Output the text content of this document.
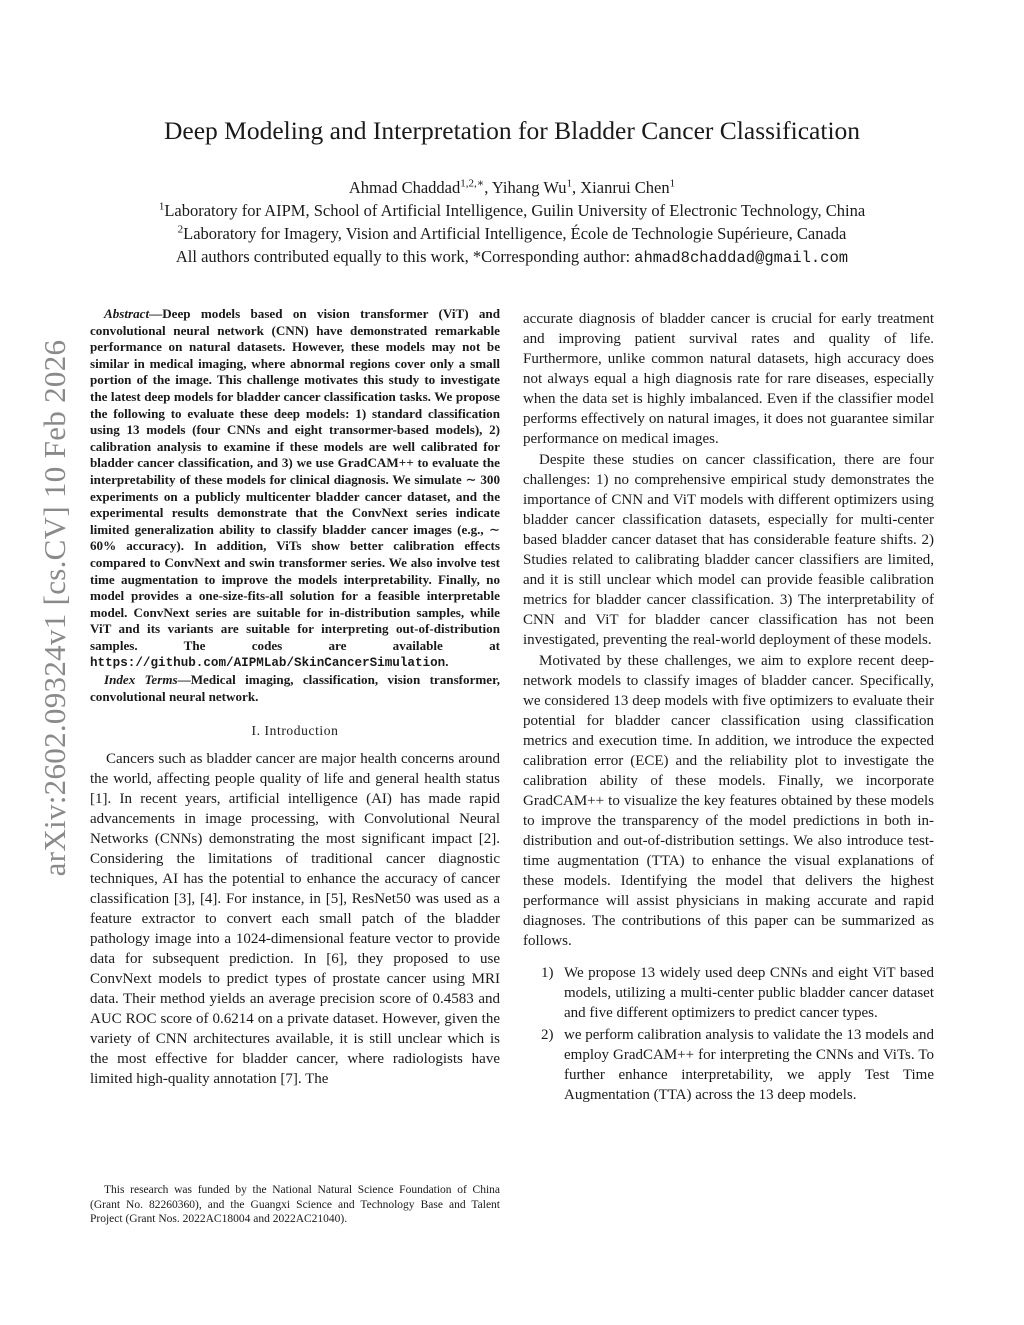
arXiv:2602.09324v1 [cs.CV] 10 Feb 2026
Deep Modeling and Interpretation for Bladder Cancer Classification
Ahmad Chaddad$^{1,2,∗}$, Yihang Wu$^1$, Xianrui Chen$^1$
$^1$Laboratory for AIPM, School of Artificial Intelligence, Guilin University of Electronic Technology, China
$^2$Laboratory for Imagery, Vision and Artificial Intelligence, École de Technologie Supérieure, Canada
All authors contributed equally to this work, *Corresponding author: ahmad8chaddad@gmail.com

Abstract—Deep models based on vision transformer (ViT) and convolutional neural network (CNN) have demonstrated remarkable performance on natural datasets. However, these models may not be similar in medical imaging, where abnormal regions cover only a small portion of the image. This challenge motivates this study to investigate the latest deep models for bladder cancer classification tasks. We propose the following to evaluate these deep models: 1) standard classification using 13 models (four CNNs and eight transormer-based models), 2) calibration analysis to examine if these models are well calibrated for bladder cancer classification, and 3) we use GradCAM++ to evaluate the interpretability of these models for clinical diagnosis. We simulate ∼ 300 experiments on a publicly multicenter bladder cancer dataset, and the experimental results demonstrate that the ConvNext series indicate limited generalization ability to classify bladder cancer images (e.g., ∼ 60% accuracy). In addition, ViTs show better calibration effects compared to ConvNext and swin transformer series. We also involve test time augmentation to improve the models interpretability. Finally, no model provides a one-size-fits-all solution for a feasible interpretable model. ConvNext series are suitable for in-distribution samples, while ViT and its variants are suitable for interpreting out-of-distribution samples. The codes are available at https://github.com/AIPMLab/SkinCancerSimulation.

Index Terms—Medical imaging, classification, vision transformer, convolutional neural network.

I. Introduction

Cancers such as bladder cancer are major health concerns around the world, affecting people quality of life and general health status [1]. In recent years, artificial intelligence (AI) has made rapid advancements in image processing, with Convolutional Neural Networks (CNNs) demonstrating the most significant impact [2]. Considering the limitations of traditional cancer diagnostic techniques, AI has the potential to enhance the accuracy of cancer classification [3], [4]. For instance, in [5], ResNet50 was used as a feature extractor to convert each small patch of the bladder pathology image into a 1024-dimensional feature vector to provide data for subsequent prediction. In [6], they proposed to use ConvNext models to predict types of prostate cancer using MRI data. Their method yields an average precision score of 0.4583 and AUC ROC score of 0.6214 on a private dataset. However, given the variety of CNN architectures available, it is still unclear which is the most effective for bladder cancer, where radiologists have limited high-quality annotation [7]. The

This research was funded by the National Natural Science Foundation of China (Grant No. 82260360), and the Guangxi Science and Technology Base and Talent Project (Grant Nos. 2022AC18004 and 2022AC21040).

accurate diagnosis of bladder cancer is crucial for early treatment and improving patient survival rates and quality of life. Furthermore, unlike common natural datasets, high accuracy does not always equal a high diagnosis rate for rare diseases, especially when the data set is highly imbalanced. Even if the classifier model performs effectively on natural images, it does not guarantee similar performance on medical images.

Despite these studies on cancer classification, there are four challenges: 1) no comprehensive empirical study demonstrates the importance of CNN and ViT models with different optimizers using bladder cancer classification datasets, especially for multi-center based bladder cancer dataset that has considerable feature shifts. 2) Studies related to calibrating bladder cancer classifiers are limited, and it is still unclear which model can provide feasible calibration metrics for bladder cancer classification. 3) The interpretability of CNN and ViT for bladder cancer classification has not been investigated, preventing the real-world deployment of these models.

Motivated by these challenges, we aim to explore recent deep-network models to classify images of bladder cancer. Specifically, we considered 13 deep models with five optimizers to evaluate their potential for bladder cancer classification using classification metrics and execution time. In addition, we introduce the expected calibration error (ECE) and the reliability plot to investigate the calibration ability of these models. Finally, we incorporate GradCAM++ to visualize the key features obtained by these models to improve the transparency of the model predictions in both in-distribution and out-of-distribution settings. We also introduce test-time augmentation (TTA) to enhance the visual explanations of these models. Identifying the model that delivers the highest performance will assist physicians in making accurate and rapid diagnoses. The contributions of this paper can be summarized as follows.

1) We propose 13 widely used deep CNNs and eight ViT based models, utilizing a multi-center public bladder cancer dataset and five different optimizers to predict cancer types.
2) we perform calibration analysis to validate the 13 models and employ GradCAM++ for interpreting the CNNs and ViTs. To further enhance interpretability, we apply Test Time Augmentation (TTA) across the 13 deep models.
